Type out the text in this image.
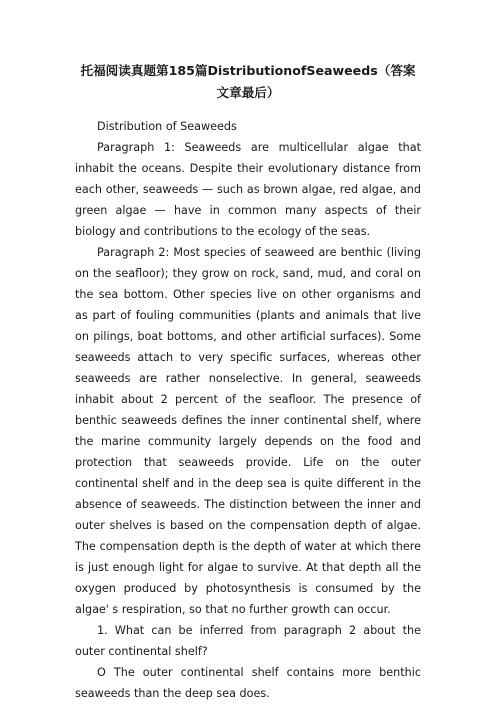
托福阅读真题第185篇DistributionofSeaweeds（答案文章最后）

Distribution of Seaweeds

Paragraph 1: Seaweeds are multicellular algae that inhabit the oceans. Despite their evolutionary distance from each other, seaweeds — such as brown algae, red algae, and green algae — have in common many aspects of their biology and contributions to the ecology of the seas.

Paragraph 2: Most species of seaweed are benthic (living on the seafloor); they grow on rock, sand, mud, and coral on the sea bottom. Other species live on other organisms and as part of fouling communities (plants and animals that live on pilings, boat bottoms, and other artificial surfaces). Some seaweeds attach to very specific surfaces, whereas other seaweeds are rather nonselective. In general, seaweeds inhabit about 2 percent of the seafloor. The presence of benthic seaweeds defines the inner continental shelf, where the marine community largely depends on the food and protection that seaweeds provide. Life on the outer continental shelf and in the deep sea is quite different in the absence of seaweeds. The distinction between the inner and outer shelves is based on the compensation depth of algae. The compensation depth is the depth of water at which there is just enough light for algae to survive. At that depth all the oxygen produced by photosynthesis is consumed by the algae' s respiration, so that no further growth can occur.

1. What can be inferred from paragraph 2 about the outer continental shelf?

O The outer continental shelf contains more benthic seaweeds than the deep sea does.
